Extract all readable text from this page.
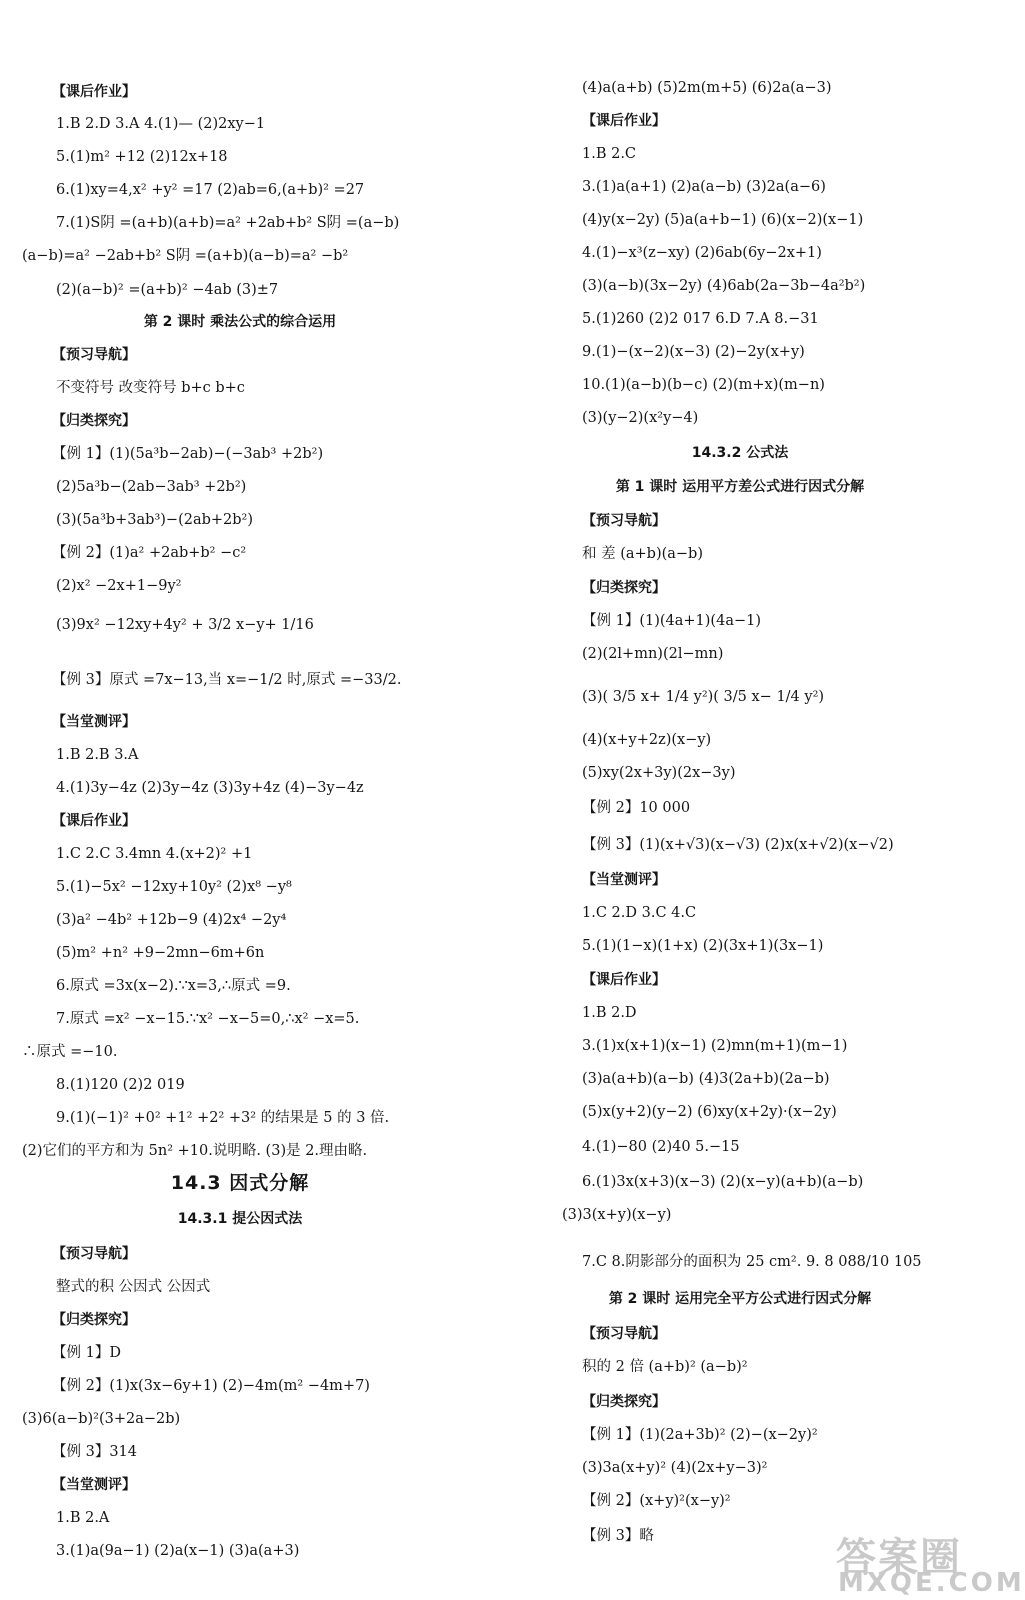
【课后作业】
1.B 2.D 3.A 4.(1)— (2)2xy−1
5.(1)m² +12 (2)12x+18
6.(1)xy=4,x² +y² =17 (2)ab=6,(a+b)² =27
7.(1)S阴 =(a+b)(a+b)=a² +2ab+b² S阴 =(a−b)
(a−b)=a² −2ab+b² S阴 =(a+b)(a−b)=a² −b²
(2)(a−b)² =(a+b)² −4ab (3)±7
第 2 课时 乘法公式的综合运用
【预习导航】
不变符号 改变符号 b+c b+c
【归类探究】
【例 1】(1)(5a³b−2ab)−(−3ab³ +2b²)
(2)5a³b−(2ab−3ab³ +2b²)
(3)(5a³b+3ab³)−(2ab+2b²)
【例 2】(1)a² +2ab+b² −c²
(2)x² −2x+1−9y²
(3)9x² −12xy+4y² + 3/2 x−y+ 1/16
【例 3】原式 =7x−13,当 x=−1/2 时,原式 =−33/2.
【当堂测评】
1.B 2.B 3.A
4.(1)3y−4z (2)3y−4z (3)3y+4z (4)−3y−4z
【课后作业】
1.C 2.C 3.4mn 4.(x+2)² +1
5.(1)−5x² −12xy+10y² (2)x⁸ −y⁸
(3)a² −4b² +12b−9 (4)2x⁴ −2y⁴
(5)m² +n² +9−2mn−6m+6n
6.原式 =3x(x−2).∵x=3,∴原式 =9.
7.原式 =x² −x−15.∵x² −x−5=0,∴x² −x=5.
∴原式 =−10.
8.(1)120 (2)2 019
9.(1)(−1)² +0² +1² +2² +3² 的结果是 5 的 3 倍.
(2)它们的平方和为 5n² +10.说明略. (3)是 2.理由略.
14.3 因式分解
14.3.1 提公因式法
【预习导航】
整式的积 公因式 公因式
【归类探究】
【例 1】D
【例 2】(1)x(3x−6y+1) (2)−4m(m² −4m+7)
(3)6(a−b)²(3+2a−2b)
【例 3】314
【当堂测评】
1.B 2.A
3.(1)a(9a−1) (2)a(x−1) (3)a(a+3)
(4)a(a+b) (5)2m(m+5) (6)2a(a−3)
【课后作业】
1.B 2.C
3.(1)a(a+1) (2)a(a−b) (3)2a(a−6)
(4)y(x−2y) (5)a(a+b−1) (6)(x−2)(x−1)
4.(1)−x³(z−xy) (2)6ab(6y−2x+1)
(3)(a−b)(3x−2y) (4)6ab(2a−3b−4a²b²)
5.(1)260 (2)2 017 6.D 7.A 8.−31
9.(1)−(x−2)(x−3) (2)−2y(x+y)
10.(1)(a−b)(b−c) (2)(m+x)(m−n)
(3)(y−2)(x²y−4)
14.3.2 公式法
第 1 课时 运用平方差公式进行因式分解
【预习导航】
和 差 (a+b)(a−b)
【归类探究】
【例 1】(1)(4a+1)(4a−1)
(2)(2l+mn)(2l−mn)
(3)( 3/5 x+ 1/4 y²)( 3/5 x− 1/4 y²)
(4)(x+y+2z)(x−y)
(5)xy(2x+3y)(2x−3y)
【例 2】10 000
【例 3】(1)(x+√3)(x−√3) (2)x(x+√2)(x−√2)
【当堂测评】
1.C 2.D 3.C 4.C
5.(1)(1−x)(1+x) (2)(3x+1)(3x−1)
【课后作业】
1.B 2.D
3.(1)x(x+1)(x−1) (2)mn(m+1)(m−1)
(3)a(a+b)(a−b) (4)3(2a+b)(2a−b)
(5)x(y+2)(y−2) (6)xy(x+2y)·(x−2y)
4.(1)−80 (2)40 5.−15
6.(1)3x(x+3)(x−3) (2)(x−y)(a+b)(a−b)
(3)3(x+y)(x−y)
7.C 8.阴影部分的面积为 25 cm². 9. 8 088/10 105
第 2 课时 运用完全平方公式进行因式分解
【预习导航】
积的 2 倍 (a+b)² (a−b)²
【归类探究】
【例 1】(1)(2a+3b)² (2)−(x−2y)²
(3)3a(x+y)² (4)(2x+y−3)²
【例 2】(x+y)²(x−y)²
【例 3】略	答案圈
MXQE.COM
